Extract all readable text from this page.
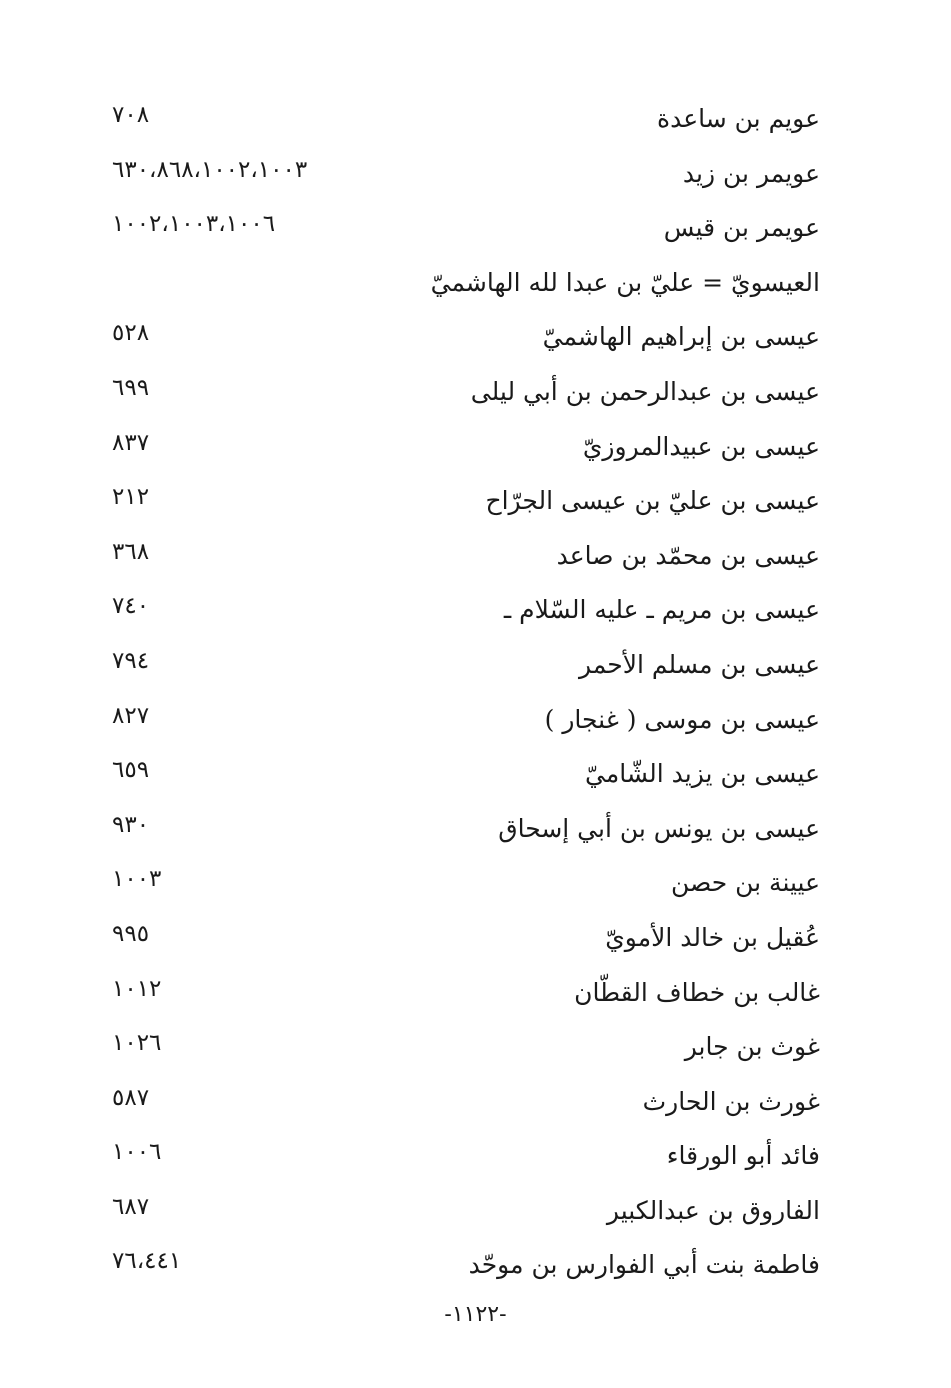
عويم بن ساعدة
٧٠٨
عويمر بن زيد
٦٣٠،٨٦٨،١٠٠٢،١٠٠٣
عويمر بن قيس
١٠٠٢،١٠٠٣،١٠٠٦
العيسويّ = عليّ بن عبدا لله الهاشميّ
عيسى بن إبراهيم الهاشميّ
٥٢٨
عيسى بن عبدالرحمن بن أبي ليلى
٦٩٩
عيسى بن عبيدالمروزيّ
٨٣٧
عيسى بن عليّ بن عيسى الجرّاح
٢١٢
عيسى بن محمّد بن صاعد
٣٦٨
عيسى بن مريم ـ عليه السّلام ـ
٧٤٠
عيسى بن مسلم الأحمر
٧٩٤
عيسى بن موسى ( غنجار )
٨٢٧
عيسى بن يزيد الشّاميّ
٦٥٩
عيسى بن يونس بن أبي إسحاق
٩٣٠
عيينة بن حصن
١٠٠٣
عُقيل بن خالد الأمويّ
٩٩٥
غالب بن خطاف القطّان
١٠١٢
غوث بن جابر
١٠٢٦
غورث بن الحارث
٥٨٧
فائد أبو الورقاء
١٠٠٦
الفاروق بن عبدالكبير
٦٨٧
فاطمة بنت أبي الفوارس بن موحّد
٧٦،٤٤١
-١١٢٢-
